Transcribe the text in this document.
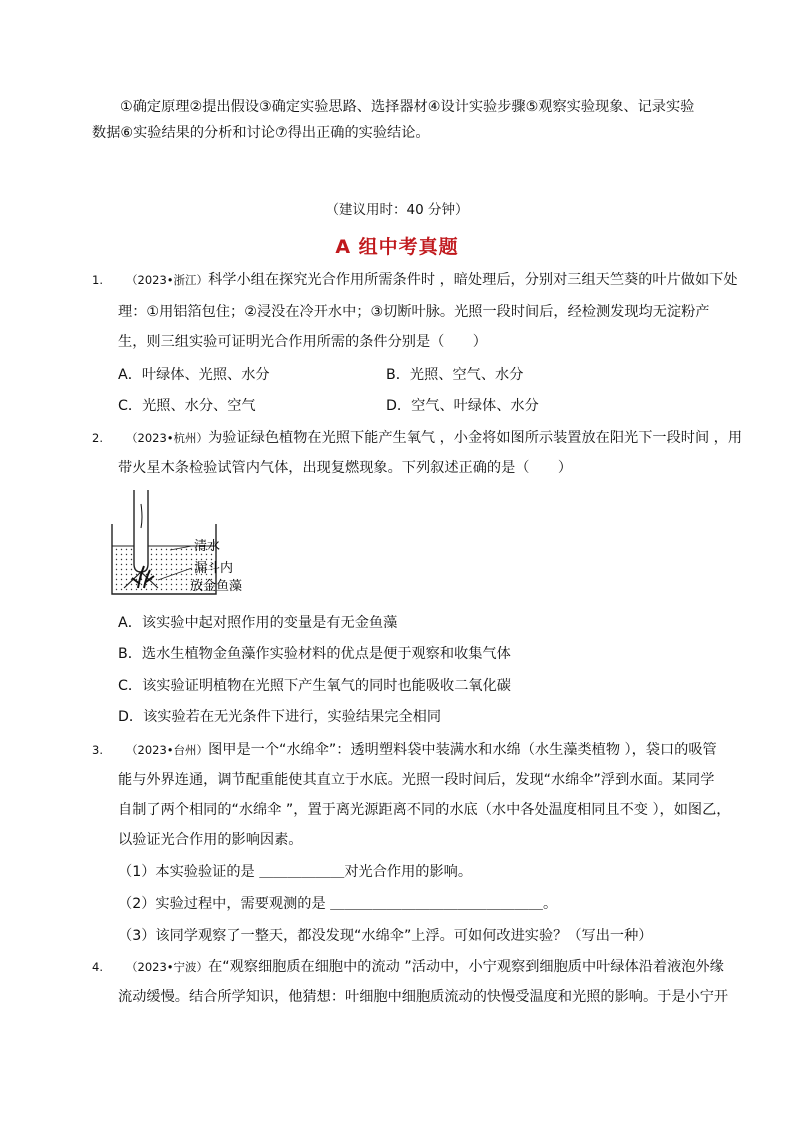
①确定原理②提出假设③确定实验思路、选择器材④设计实验步骤⑤观察实验现象、记录实验
数据⑥实验结果的分析和讨论⑦得出正确的实验结论。
（建议用时：40 分钟）
A 组中考真题
1. （2023•浙江）科学小组在探究光合作用所需条件时 ，暗处理后，分别对三组天竺葵的叶片做如下处
理：①用铝箔包住；②浸没在冷开水中；③切断叶脉。光照一段时间后，经检测发现均无淀粉产
生，则三组实验可证明光合作用所需的条件分别是（　　）
A．叶绿体、光照、水分	B．光照、空气、水分
C．光照、水分、空气	D．空气、叶绿体、水分
2. （2023•杭州）为验证绿色植物在光照下能产生氧气 ，小金将如图所示装置放在阳光下一段时间 ，用
带火星木条检验试管内气体，出现复燃现象。下列叙述正确的是（　　）
清水
漏斗内
放金鱼藻
A．该实验中起对照作用的变量是有无金鱼藻
B．选水生植物金鱼藻作实验材料的优点是便于观察和收集气体
C．该实验证明植物在光照下产生氧气的同时也能吸收二氧化碳
D．该实验若在无光条件下进行，实验结果完全相同
3. （2023•台州）图甲是一个“水绵伞”：透明塑料袋中装满水和水绵（水生藻类植物 ），袋口的吸管
能与外界连通，调节配重能使其直立于水底。光照一段时间后，发现“水绵伞”浮到水面。某同学
自制了两个相同的“水绵伞 ”，置于离光源距离不同的水底（水中各处温度相同且不变 ），如图乙，
以验证光合作用的影响因素。
（1）本实验验证的是 ＿＿＿＿＿＿对光合作用的影响。
（2）实验过程中，需要观测的是 ＿＿＿＿＿＿＿＿＿＿＿＿＿＿＿。
（3）该同学观察了一整天，都没发现“水绵伞”上浮。可如何改进实验？（写出一种）
4. （2023•宁波）在“观察细胞质在细胞中的流动 ”活动中，小宁观察到细胞质中叶绿体沿着液泡外缘
流动缓慢。结合所学知识，他猜想：叶细胞中细胞质流动的快慢受温度和光照的影响。于是小宁开
